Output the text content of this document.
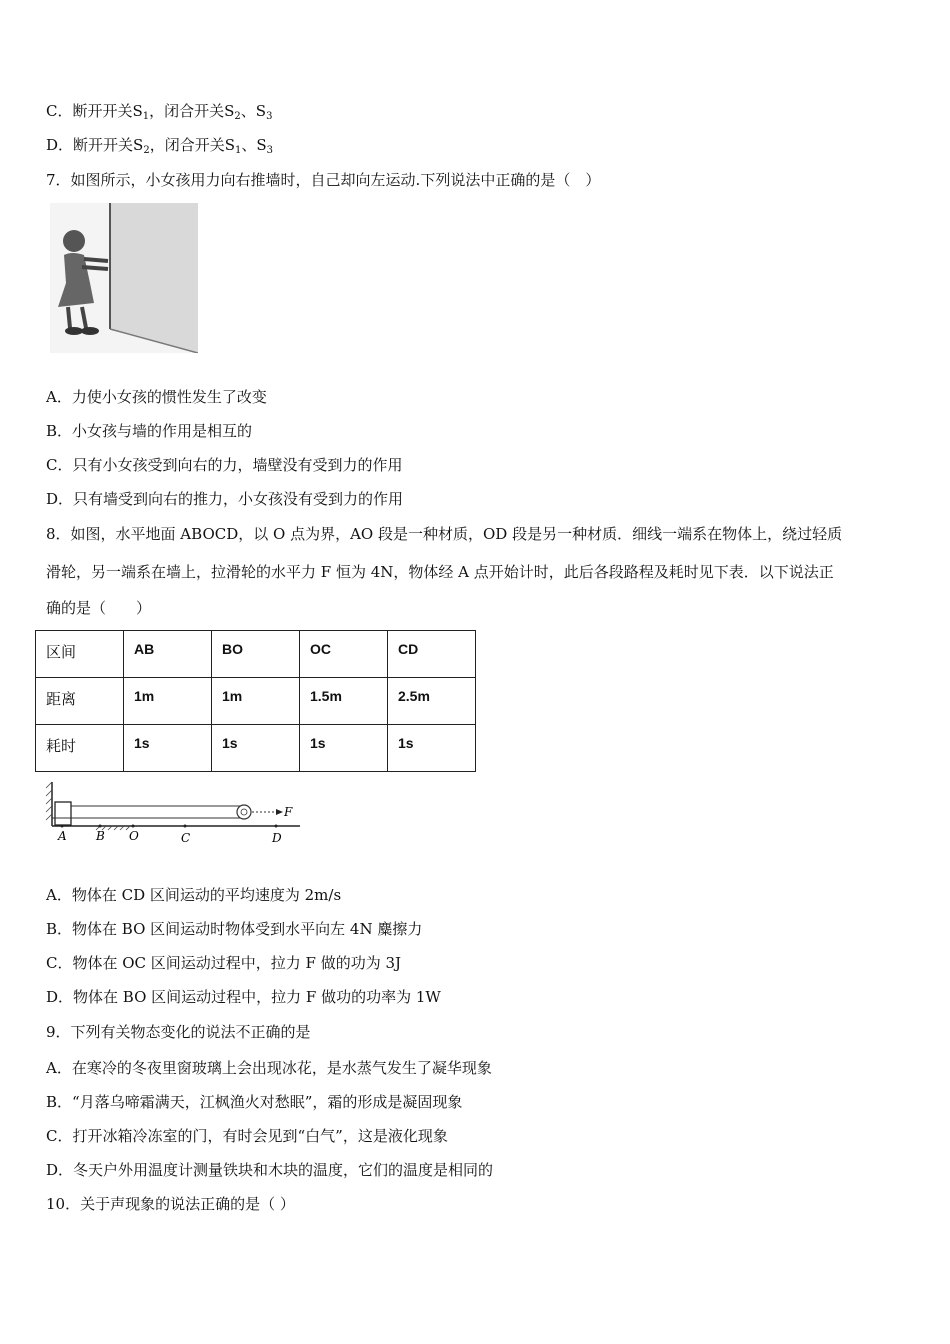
C．断开开关$S_1$，闭合开关$S_2$、$S_3$
D．断开开关$S_2$，闭合开关$S_1$、$S_3$
7．如图所示，小女孩用力向右推墙时，自己却向左运动.下列说法中正确的是（　）
A．力使小女孩的惯性发生了改变
B．小女孩与墙的作用是相互的
C．只有小女孩受到向右的力，墙壁没有受到力的作用
D．只有墙受到向右的推力，小女孩没有受到力的作用
8．如图，水平地面 ABOCD，以 O 点为界，AO 段是一种材质，OD 段是另一种材质．细线一端系在物体上，绕过轻质
滑轮，另一端系在墙上，拉滑轮的水平力 F 恒为 4N，物体经 A 点开始计时，此后各段路程及耗时见下表．以下说法正
确的是（　　）
区间	AB	BO	OC	CD
距离	1m	1m	1.5m	2.5m
耗时	1s	1s	1s	1s
F
A B O	C	D
A．物体在 CD 区间运动的平均速度为 2m/s
B．物体在 BO 区间运动时物体受到水平向左 4N 麋擦力
C．物体在 OC 区间运动过程中，拉力 F 做的功为 3J
D．物体在 BO 区间运动过程中，拉力 F 做功的功率为 1W
9．下列有关物态变化的说法不正确的是
A．在寒冷的冬夜里窗玻璃上会出现冰花，是水蒸气发生了凝华现象
B．“月落乌啼霜满天，江枫渔火对愁眠”，霜的形成是凝固现象
C．打开冰箱冷冻室的门，有时会见到“白气”，这是液化现象
D．冬天户外用温度计测量铁块和木块的温度，它们的温度是相同的
10．关于声现象的说法正确的是（ ）
